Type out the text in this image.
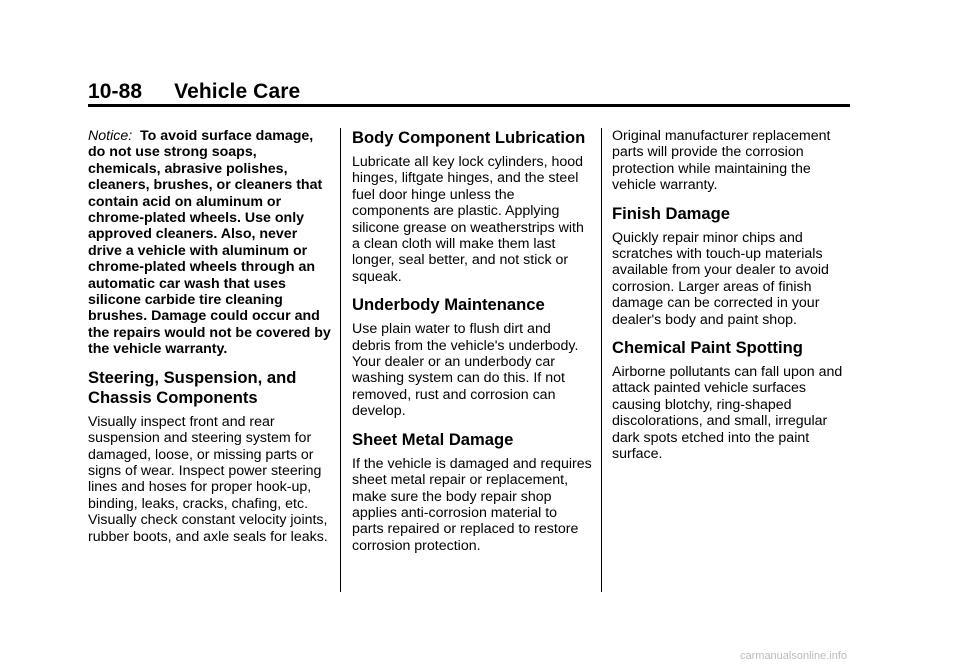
10-88 Vehicle Care

Notice: To avoid surface damage, do not use strong soaps, chemicals, abrasive polishes, cleaners, brushes, or cleaners that contain acid on aluminum or chrome-plated wheels. Use only approved cleaners. Also, never drive a vehicle with aluminum or chrome-plated wheels through an automatic car wash that uses silicone carbide tire cleaning brushes. Damage could occur and the repairs would not be covered by the vehicle warranty.

Steering, Suspension, and Chassis Components

Visually inspect front and rear suspension and steering system for damaged, loose, or missing parts or signs of wear. Inspect power steering lines and hoses for proper hook-up, binding, leaks, cracks, chafing, etc. Visually check constant velocity joints, rubber boots, and axle seals for leaks.

Body Component Lubrication

Lubricate all key lock cylinders, hood hinges, liftgate hinges, and the steel fuel door hinge unless the components are plastic. Applying silicone grease on weatherstrips with a clean cloth will make them last longer, seal better, and not stick or squeak.

Underbody Maintenance

Use plain water to flush dirt and debris from the vehicle's underbody. Your dealer or an underbody car washing system can do this. If not removed, rust and corrosion can develop.

Sheet Metal Damage

If the vehicle is damaged and requires sheet metal repair or replacement, make sure the body repair shop applies anti-corrosion material to parts repaired or replaced to restore corrosion protection.

Original manufacturer replacement parts will provide the corrosion protection while maintaining the vehicle warranty.

Finish Damage

Quickly repair minor chips and scratches with touch-up materials available from your dealer to avoid corrosion. Larger areas of finish damage can be corrected in your dealer's body and paint shop.

Chemical Paint Spotting

Airborne pollutants can fall upon and attack painted vehicle surfaces causing blotchy, ring-shaped discolorations, and small, irregular dark spots etched into the paint surface.

carmanualsonline.info
